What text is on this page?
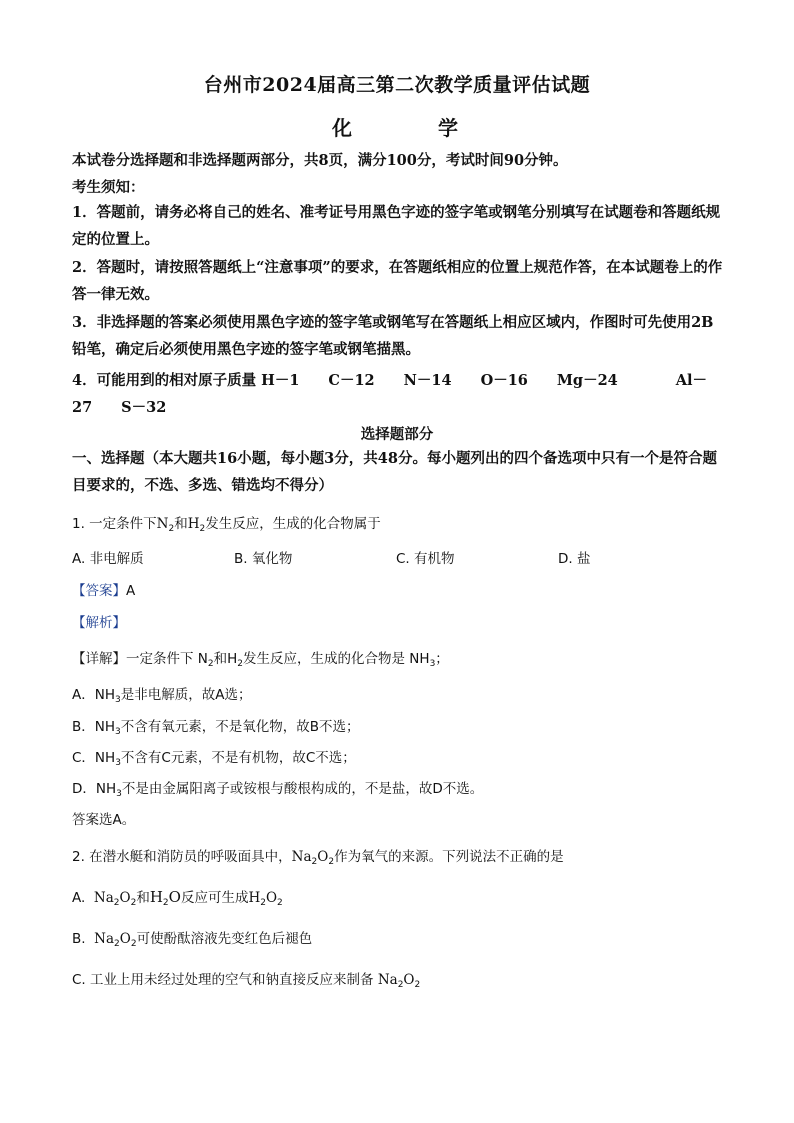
台州市2024届高三第二次教学质量评估试题
化	学
本试卷分选择题和非选择题两部分，共8页，满分100分，考试时间90分钟。
考生须知：
1．答题前，请务必将自己的姓名、准考证号用黑色字迹的签字笔或钢笔分别填写在试题卷和答题纸规定的位置上。
2．答题时，请按照答题纸上“注意事项”的要求，在答题纸相应的位置上规范作答，在本试题卷上的作答一律无效。
3．非选择题的答案必须使用黑色字迹的签字笔或钢笔写在答题纸上相应区域内，作图时可先使用2B铅笔，确定后必须使用黑色字迹的签字笔或钢笔描黑。
4．可能用到的相对原子质量 H－1　　C－12　　N－14　　O－16　　Mg－24　　　　Al－
27　　S－32
选择题部分
一、选择题（本大题共16小题，每小题3分，共48分。每小题列出的四个备选项中只有一个是符合题目要求的，不选、多选、错选均不得分）
1. 一定条件下$N_2$和$H_2$发生反应，生成的化合物属于
A. 非电解质	B. 氧化物	C. 有机物	D. 盐
【答案】A
【解析】
【详解】一定条件下 $N_2$和$H_2$发生反应，生成的化合物是 $NH_3$；
A．$NH_3$是非电解质，故A选；
B．$NH_3$不含有氧元素，不是氧化物，故B不选；
C．$NH_3$不含有C元素，不是有机物，故C不选；
D．$NH_3$不是由金属阳离子或铵根与酸根构成的，不是盐，故D不选。
答案选A。
2. 在潜水艇和消防员的呼吸面具中，$Na_2O_2$作为氧气的来源。下列说法不正确的是
A. $Na_2O_2$和$H_2O$反应可生成$H_2O_2$
B. $Na_2O_2$可使酚酞溶液先变红色后褪色
C. 工业上用未经过处理的空气和钠直接反应来制备 $Na_2O_2$
